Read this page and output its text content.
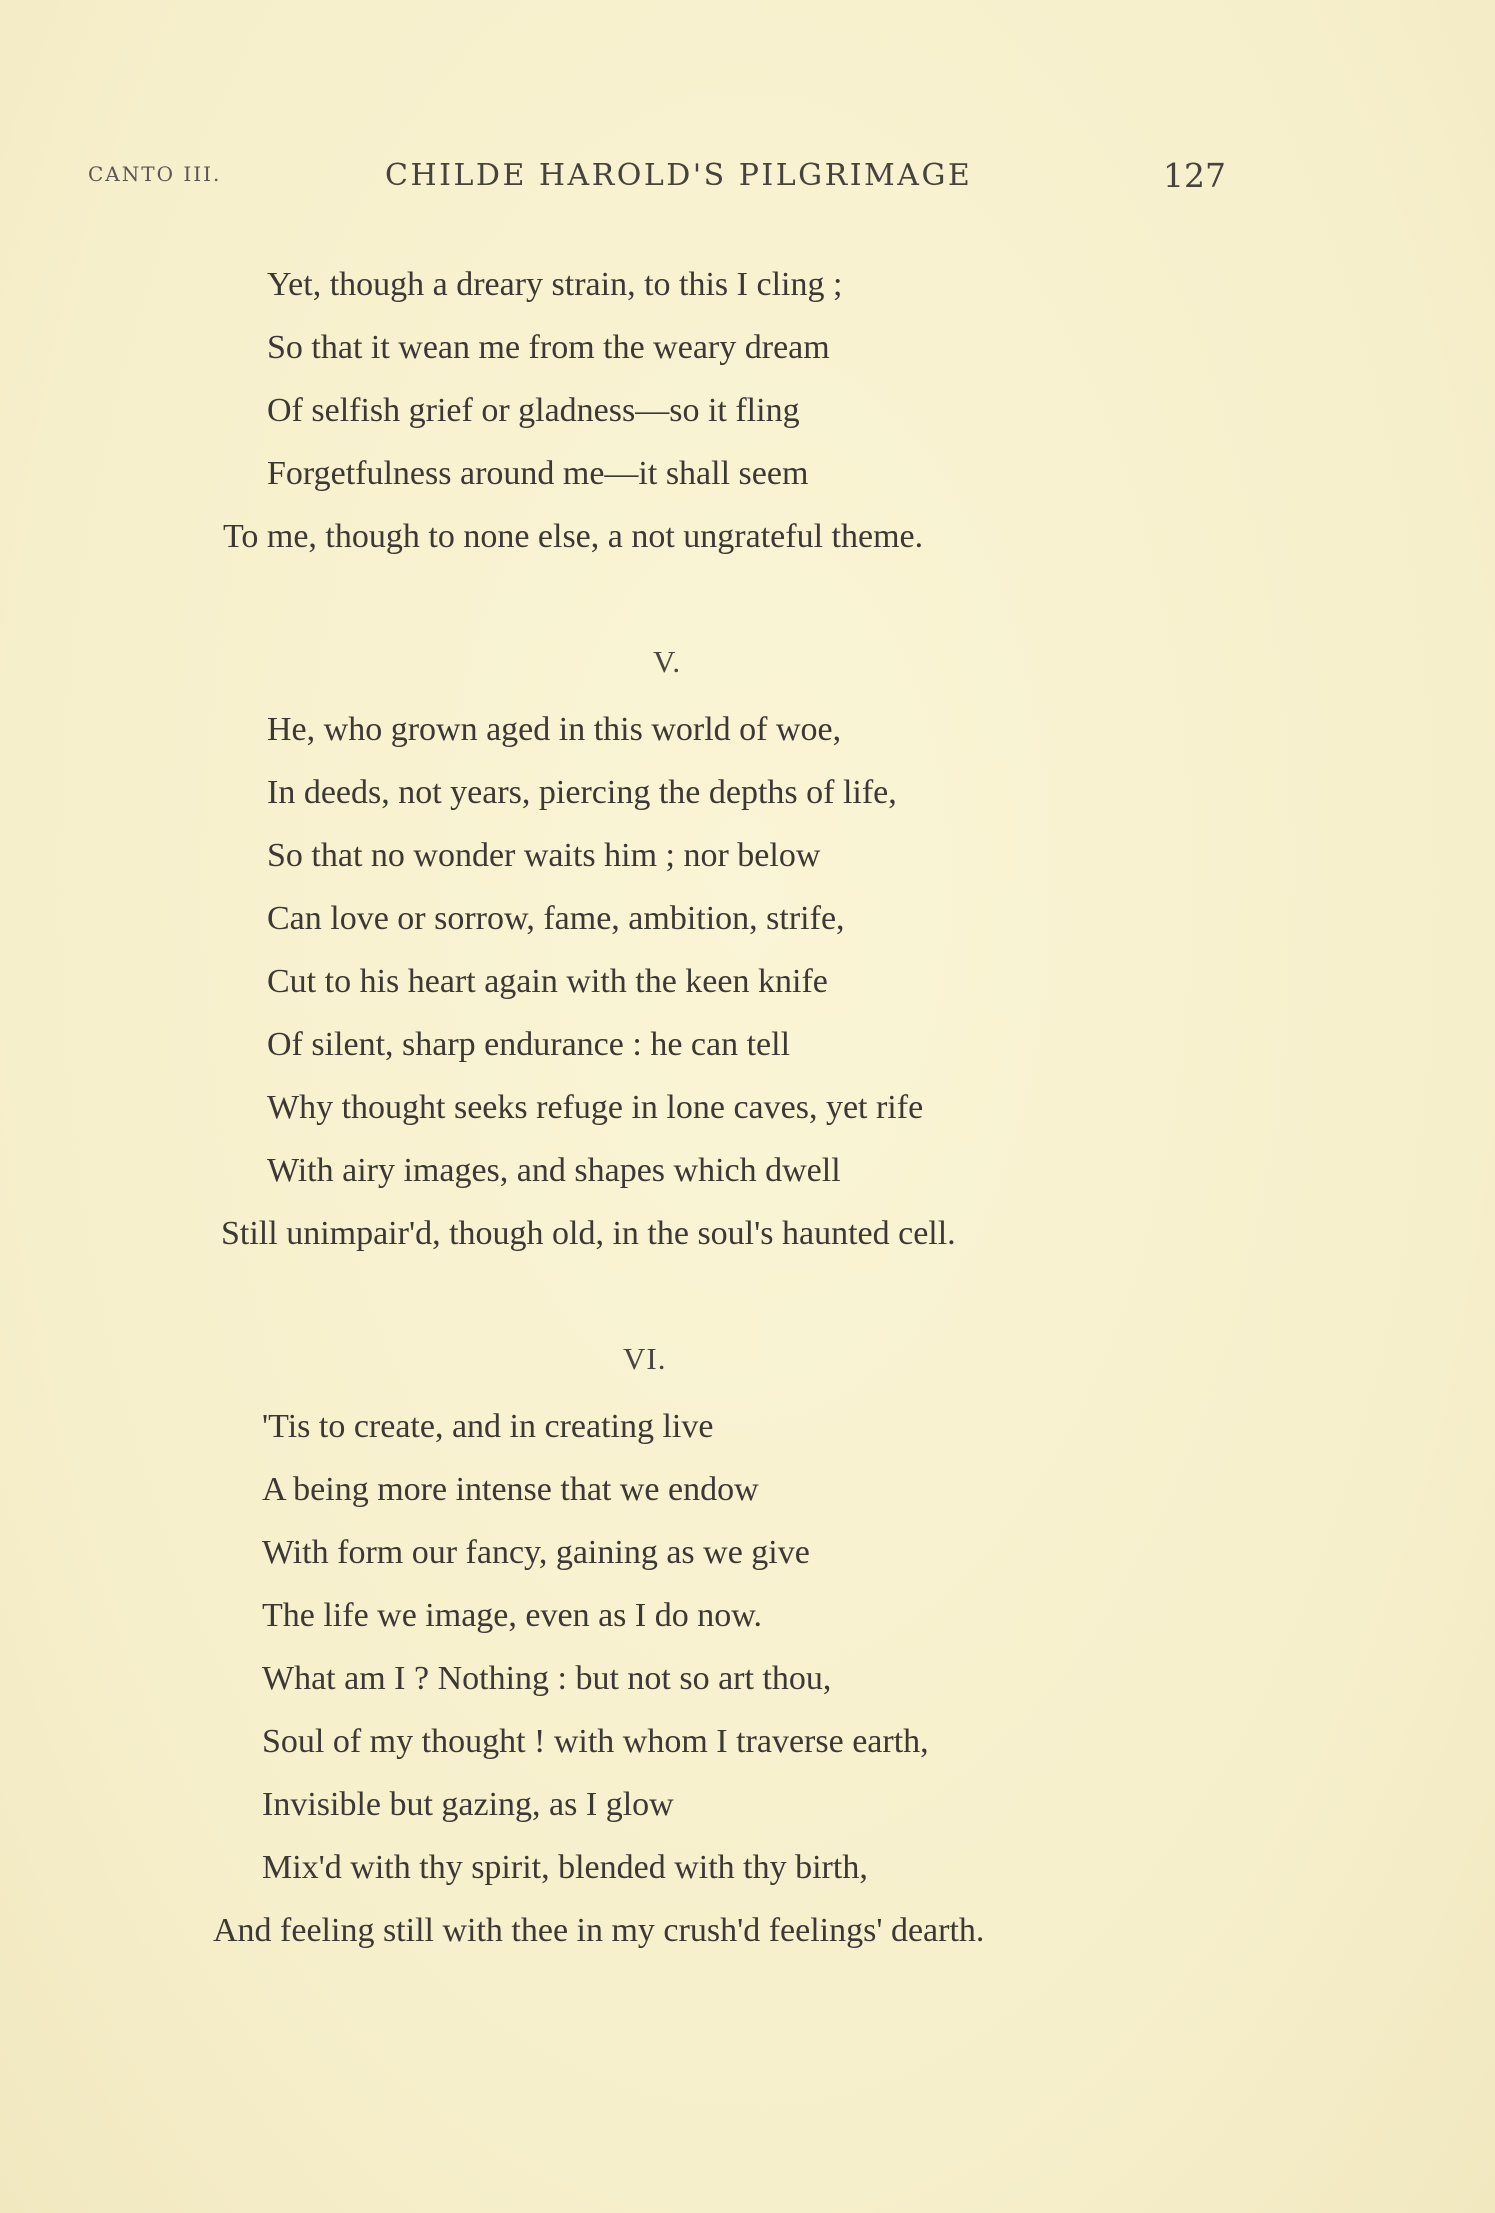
CANTO III.	CHILDE HAROLD'S PILGRIMAGE	127
Yet, though a dreary strain, to this I cling ;
So that it wean me from the weary dream
Of selfish grief or gladness—so it fling
Forgetfulness around me—it shall seem
To me, though to none else, a not ungrateful theme.
V.
He, who grown aged in this world of woe,
In deeds, not years, piercing the depths of life,
So that no wonder waits him ; nor below
Can love or sorrow, fame, ambition, strife,
Cut to his heart again with the keen knife
Of silent, sharp endurance : he can tell
Why thought seeks refuge in lone caves, yet rife
With airy images, and shapes which dwell
Still unimpair'd, though old, in the soul's haunted cell.
VI.
'Tis to create, and in creating live
A being more intense that we endow
With form our fancy, gaining as we give
The life we image, even as I do now.
What am I ? Nothing : but not so art thou,
Soul of my thought ! with whom I traverse earth,
Invisible but gazing, as I glow
Mix'd with thy spirit, blended with thy birth,
And feeling still with thee in my crush'd feelings' dearth.
